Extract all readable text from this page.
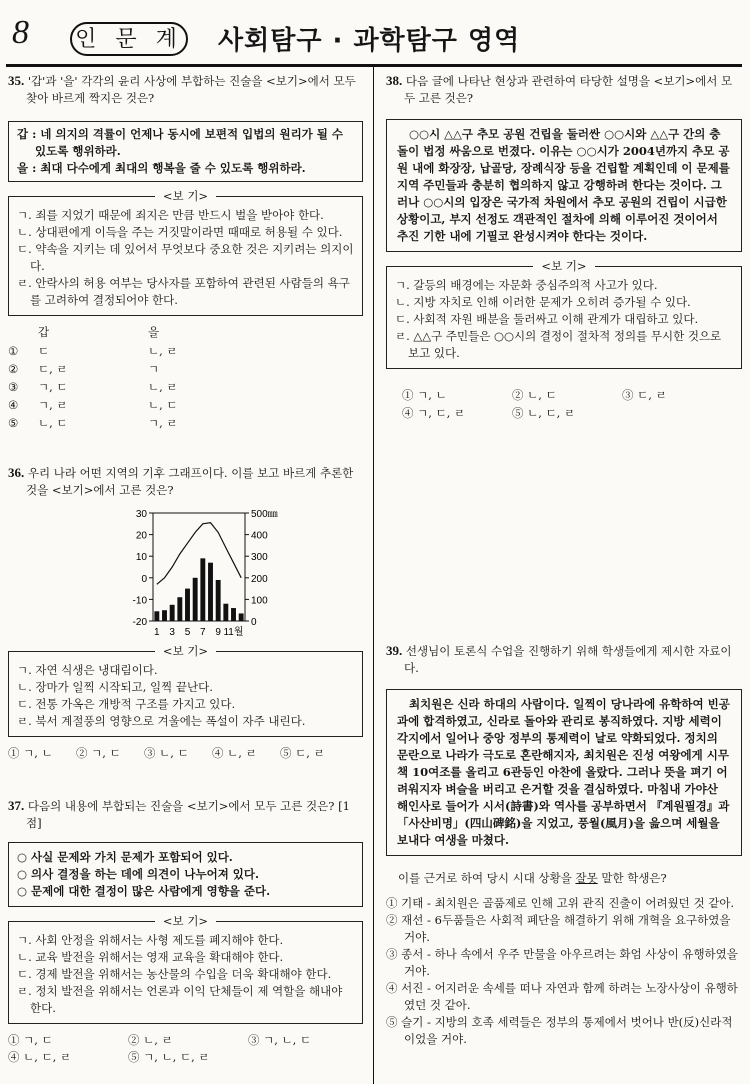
8 인 문 계 사회탐구 · 과학탐구 영역
35. '갑'과 '을' 각각의 윤리 사상에 부합하는 진술을 <보기>에서 모두 찾아 바르게 짝지은 것은?
갑 : 네 의지의 격률이 언제나 동시에 보편적 입법의 원리가 될 수 있도록 행위하라.
을 : 최대 다수에게 최대의 행복을 줄 수 있도록 행위하라.
<보 기>
ㄱ. 죄를 지었기 때문에 죄지은 만큼 반드시 벌을 받아야 한다.
ㄴ. 상대편에게 이득을 주는 거짓말이라면 때때로 허용될 수 있다.
ㄷ. 약속을 지키는 데 있어서 무엇보다 중요한 것은 지키려는 의지이다.
ㄹ. 안락사의 허용 여부는 당사자를 포함하여 관련된 사람들의 욕구를 고려하여 결정되어야 한다.
갑	을
① ㄷ	ㄴ, ㄹ
② ㄷ, ㄹ	ㄱ
③ ㄱ, ㄷ	ㄴ, ㄹ
④ ㄱ, ㄹ	ㄴ, ㄷ
⑤ ㄴ, ㄷ	ㄱ, ㄹ
36. 우리 나라 어떤 지역의 기후 그래프이다. 이를 보고 바르게 추론한 것을 <보기>에서 고른 것은?
30
20
10
0
-10
-20
500㎜
400
300
200
100
0
1 3 5 7 9 11월
<보 기>
ㄱ. 자연 식생은 냉대림이다.
ㄴ. 장마가 일찍 시작되고, 일찍 끝난다.
ㄷ. 전통 가옥은 개방적 구조를 가지고 있다.
ㄹ. 북서 계절풍의 영향으로 겨울에는 폭설이 자주 내린다.
① ㄱ, ㄴ ② ㄱ, ㄷ ③ ㄴ, ㄷ ④ ㄴ, ㄹ ⑤ ㄷ, ㄹ
37. 다음의 내용에 부합되는 진술을 <보기>에서 모두 고른 것은? [1점]
○ 사실 문제와 가치 문제가 포함되어 있다.
○ 의사 결정을 하는 데에 의견이 나누어져 있다.
○ 문제에 대한 결정이 많은 사람에게 영향을 준다.
<보 기>
ㄱ. 사회 안정을 위해서는 사형 제도를 폐지해야 한다.
ㄴ. 교육 발전을 위해서는 영재 교육을 확대해야 한다.
ㄷ. 경제 발전을 위해서는 농산물의 수입을 더욱 확대해야 한다.
ㄹ. 정치 발전을 위해서는 언론과 이익 단체들이 제 역할을 해내야 한다.
① ㄱ, ㄷ	② ㄴ, ㄹ	③ ㄱ, ㄴ, ㄷ
④ ㄴ, ㄷ, ㄹ	⑤ ㄱ, ㄴ, ㄷ, ㄹ
38. 다음 글에 나타난 현상과 관련하여 타당한 설명을 <보기>에서 모두 고른 것은?
○○시 △△구 추모 공원 건립을 둘러싼 ○○시와 △△구 간의 충돌이 법정 싸움으로 번졌다. 이유는 ○○시가 2004년까지 추모 공원 내에 화장장, 납골당, 장례식장 등을 건립할 계획인데 이 문제를 지역 주민들과 충분히 협의하지 않고 강행하려 한다는 것이다. 그러나 ○○시의 입장은 국가적 차원에서 추모 공원의 건립이 시급한 상황이고, 부지 선정도 객관적인 절차에 의해 이루어진 것이어서 추진 기한 내에 기필코 완성시켜야 한다는 것이다.
<보 기>
ㄱ. 갈등의 배경에는 자문화 중심주의적 사고가 있다.
ㄴ. 지방 자치로 인해 이러한 문제가 오히려 증가될 수 있다.
ㄷ. 사회적 자원 배분을 둘러싸고 이해 관계가 대립하고 있다.
ㄹ. △△구 주민들은 ○○시의 결정이 절차적 정의를 무시한 것으로 보고 있다.
① ㄱ, ㄴ	② ㄴ, ㄷ	③ ㄷ, ㄹ
④ ㄱ, ㄷ, ㄹ	⑤ ㄴ, ㄷ, ㄹ
39. 선생님이 토론식 수업을 진행하기 위해 학생들에게 제시한 자료이다.
최치원은 신라 하대의 사람이다. 일찍이 당나라에 유학하여 빈공과에 합격하였고, 신라로 돌아와 관리로 봉직하였다. 지방 세력이 각지에서 일어나 중앙 정부의 통제력이 날로 약화되었다. 정치의 문란으로 나라가 극도로 혼란해지자, 최치원은 진성 여왕에게 시무책 10여조를 올리고 6관등인 아찬에 올랐다. 그러나 뜻을 펴기 어려워지자 벼슬을 버리고 은거할 것을 결심하였다. 마침내 가야산 해인사로 들어가 시서(詩書)와 역사를 공부하면서 『계원필경』과 「사산비명」(四山碑銘)을 지었고, 풍월(風月)을 읊으며 세월을 보내다 여생을 마쳤다.
이를 근거로 하여 당시 시대 상황을 잘못 말한 학생은?
① 기태 - 최치원은 골품제로 인해 고위 관직 진출이 어려웠던 것 같아.
② 재선 - 6두품들은 사회적 폐단을 해결하기 위해 개혁을 요구하였을 거야.
③ 종서 - 하나 속에서 우주 만물을 아우르려는 화엄 사상이 유행하였을 거야.
④ 서진 - 어지러운 속세를 떠나 자연과 함께 하려는 노장사상이 유행하였던 것 같아.
⑤ 슬기 - 지방의 호족 세력들은 정부의 통제에서 벗어나 반(反)신라적이었을 거야.
